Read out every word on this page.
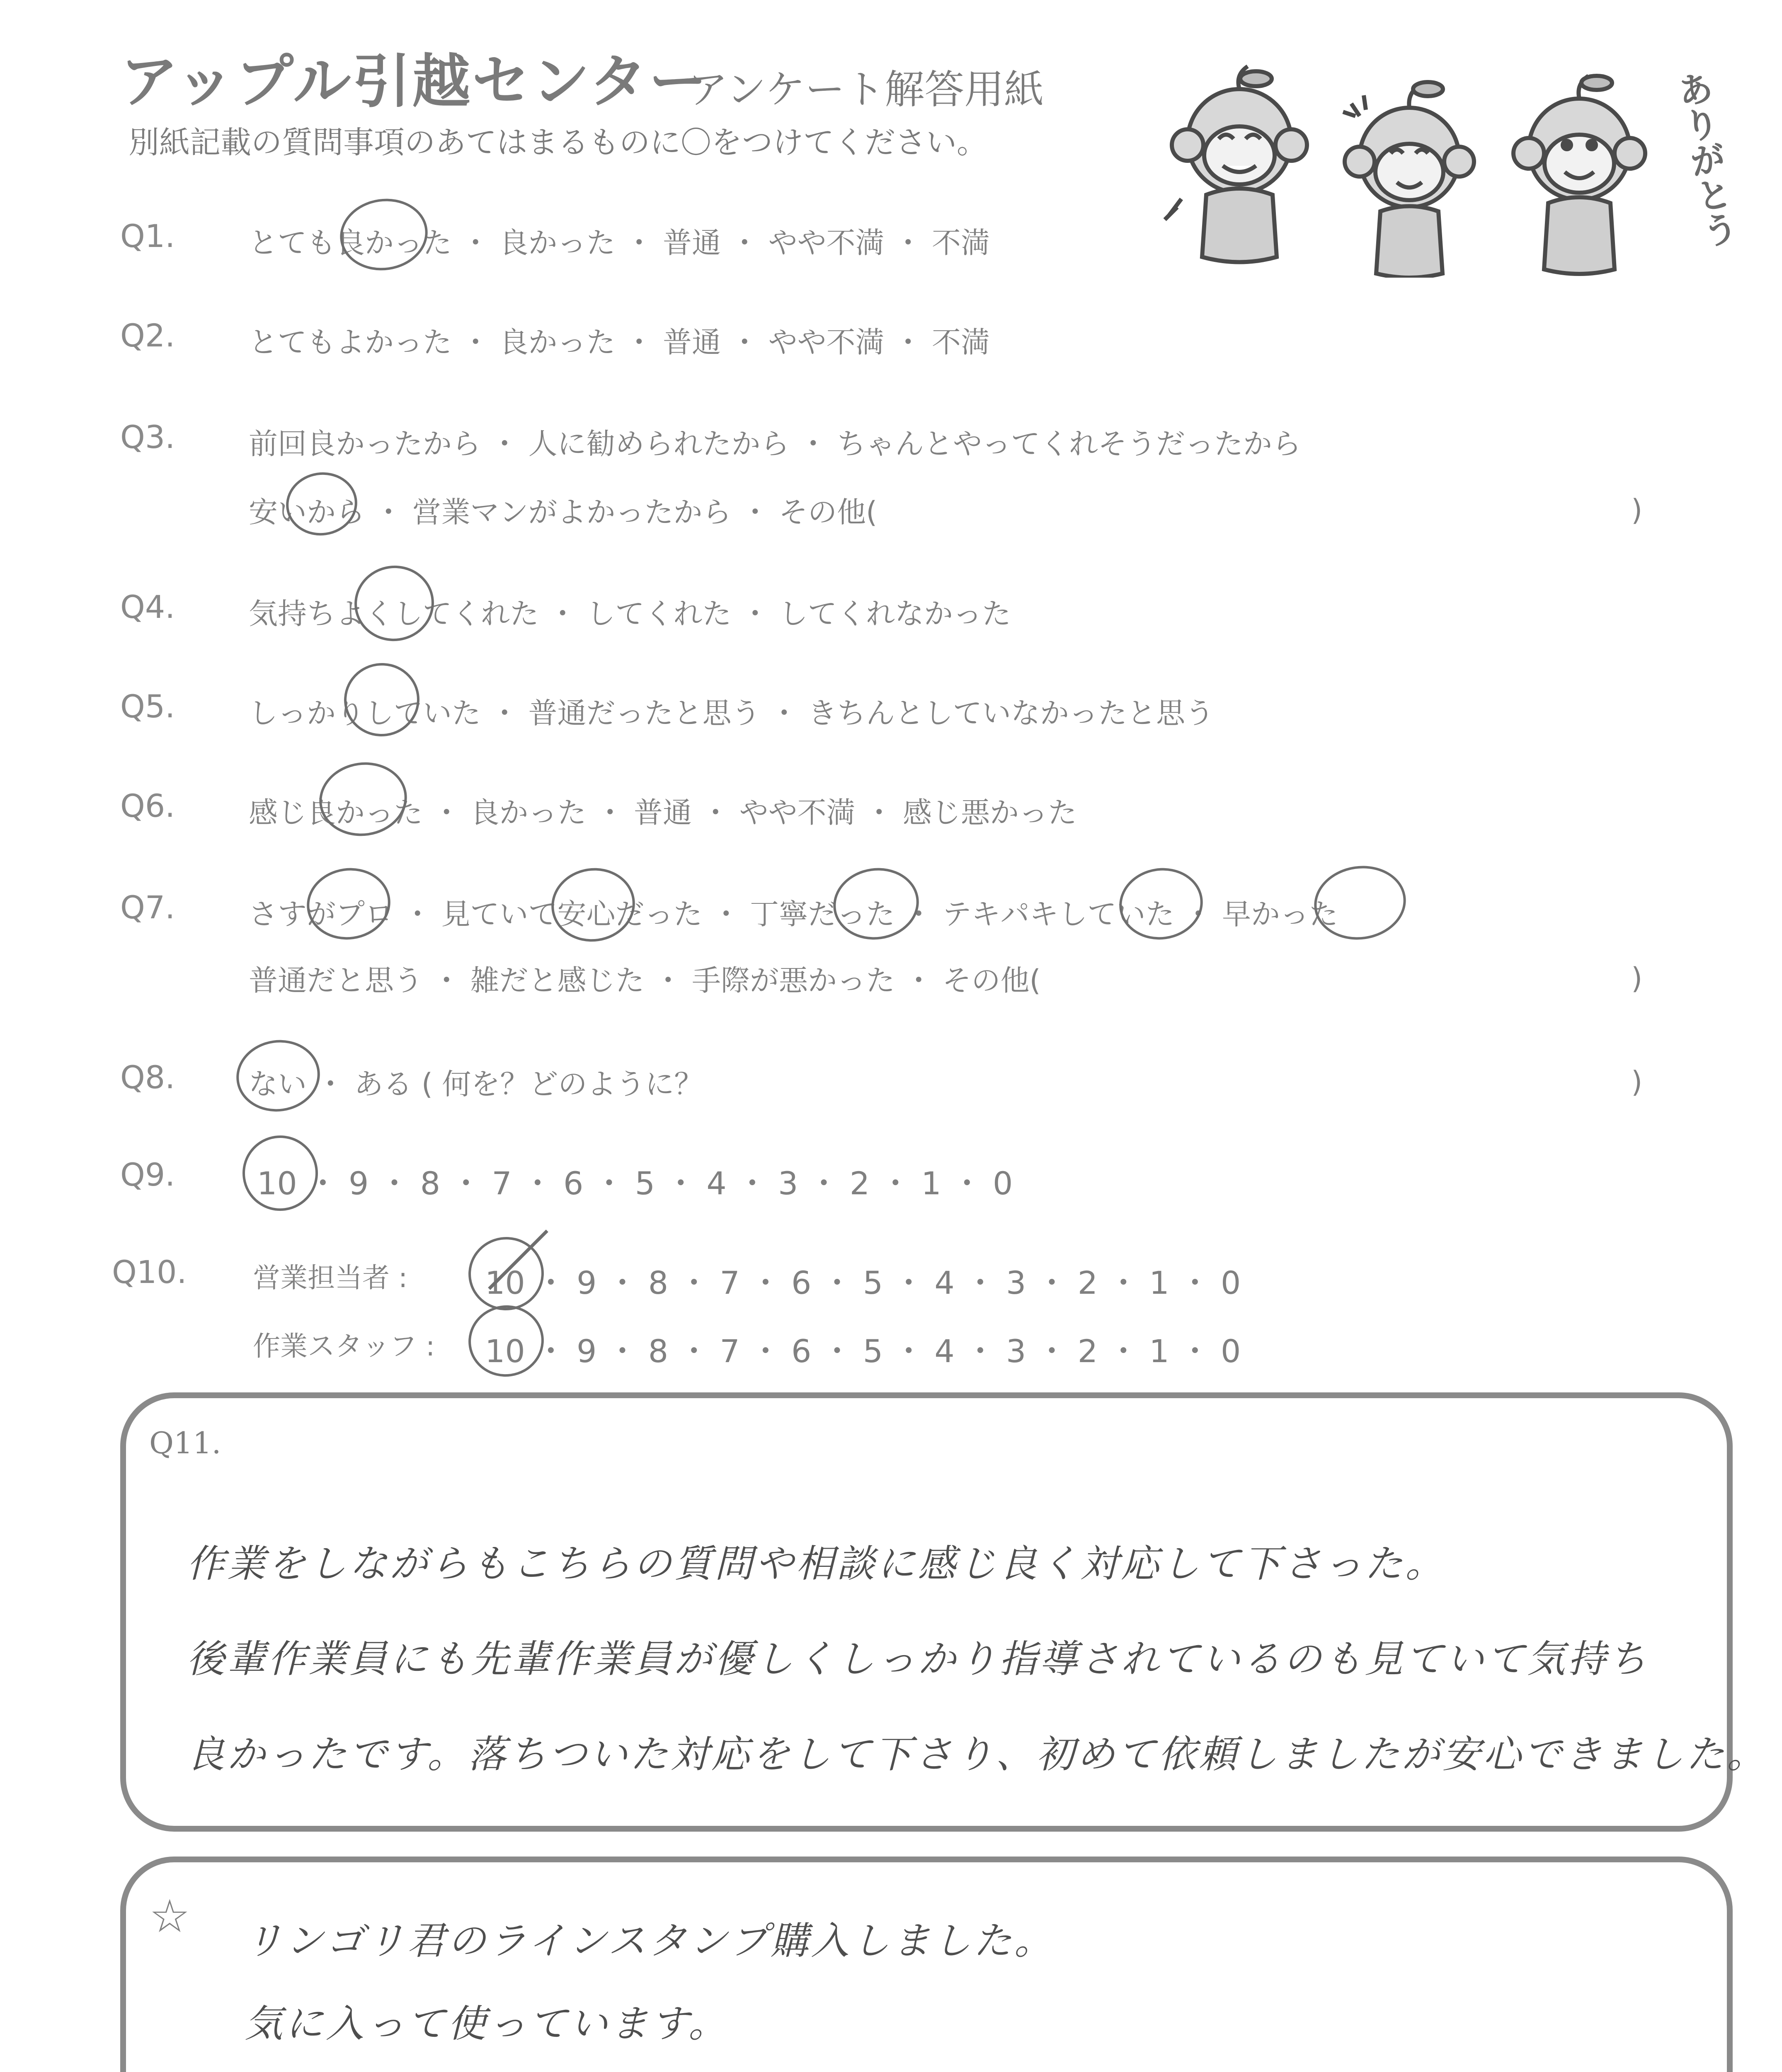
アップル引越センター
アンケート解答用紙
別紙記載の質問事項のあてはまるものに〇をつけてください。	ありがとう
Q1.	とても良かった ・ 良かった ・ 普通 ・ やや不満 ・ 不満
Q2.	とてもよかった ・ 良かった ・ 普通 ・ やや不満 ・ 不満
Q3.	前回良かったから ・ 人に勧められたから ・ ちゃんとやってくれそうだったから
安いから ・ 営業マンがよかったから ・ その他(	)
Q4.	気持ちよくしてくれた ・ してくれた ・ してくれなかった
Q5.	しっかりしていた ・ 普通だったと思う ・ きちんとしていなかったと思う
Q6.	感じ良かった ・ 良かった ・ 普通 ・ やや不満 ・ 感じ悪かった
Q7.	さすがプロ ・ 見ていて安心だった ・ 丁寧だった ・ テキパキしていた ・ 早かった
普通だと思う ・ 雑だと感じた ・ 手際が悪かった ・ その他(	)
Q8.	ない ・ ある ( 何を？どのように？	)
Q9.	10 ・ 9 ・ 8 ・ 7 ・ 6 ・ 5 ・ 4 ・ 3 ・ 2 ・ 1 ・ 0
Q10. 営業担当者 : 10 ・ 9 ・ 8 ・ 7 ・ 6 ・ 5 ・ 4 ・ 3 ・ 2 ・ 1 ・ 0
作業スタッフ : 10 ・ 9 ・ 8 ・ 7 ・ 6 ・ 5 ・ 4 ・ 3 ・ 2 ・ 1 ・ 0
Q11.
作業をしながらもこちらの質問や相談に感じ良く対応して下さった。
後輩作業員にも先輩作業員が優しくしっかり指導されているのも見ていて気持ち
良かったです。落ちついた対応をして下さり、初めて依頼しましたが安心できました。
☆ リンゴリ君のラインスタンプ購入しました。
気に入って使っています。
